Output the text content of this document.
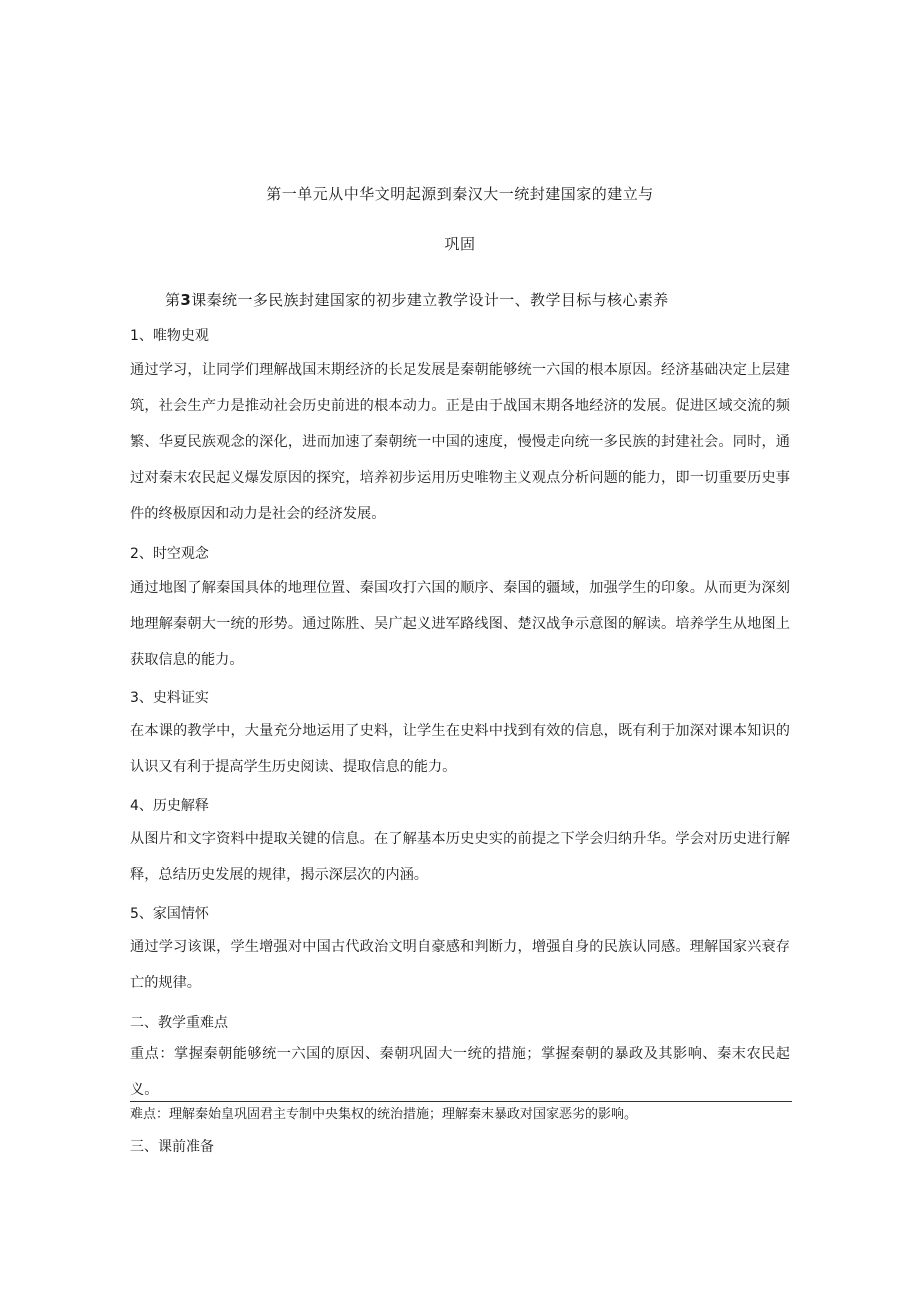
第一单元从中华文明起源到秦汉大一统封建国家的建立与
巩固
第3课秦统一多民族封建国家的初步建立教学设计一、教学目标与核心素养
1、唯物史观
通过学习，让同学们理解战国末期经济的长足发展是秦朝能够统一六国的根本原因。经济基础决定上层建筑，社会生产力是推动社会历史前进的根本动力。正是由于战国末期各地经济的发展。促进区域交流的频繁、华夏民族观念的深化，进而加速了秦朝统一中国的速度，慢慢走向统一多民族的封建社会。同时，通过对秦末农民起义爆发原因的探究，培养初步运用历史唯物主义观点分析问题的能力，即一切重要历史事件的终极原因和动力是社会的经济发展。
2、时空观念
通过地图了解秦国具体的地理位置、秦国攻打六国的顺序、秦国的疆域，加强学生的印象。从而更为深刻地理解秦朝大一统的形势。通过陈胜、吴广起义进军路线图、楚汉战争示意图的解读。培养学生从地图上获取信息的能力。
3、史料证实
在本课的教学中，大量充分地运用了史料，让学生在史料中找到有效的信息，既有利于加深对课本知识的认识又有利于提高学生历史阅读、提取信息的能力。
4、历史解释
从图片和文字资料中提取关键的信息。在了解基本历史史实的前提之下学会归纳升华。学会对历史进行解释，总结历史发展的规律，揭示深层次的内涵。
5、家国情怀
通过学习该课，学生增强对中国古代政治文明自豪感和判断力，增强自身的民族认同感。理解国家兴衰存亡的规律。
二、教学重难点
重点：掌握秦朝能够统一六国的原因、秦朝巩固大一统的措施；掌握秦朝的暴政及其影响、秦末农民起义。
难点：理解秦始皇巩固君主专制中央集权的统治措施；理解秦末暴政对国家恶劣的影响。
三、课前准备
